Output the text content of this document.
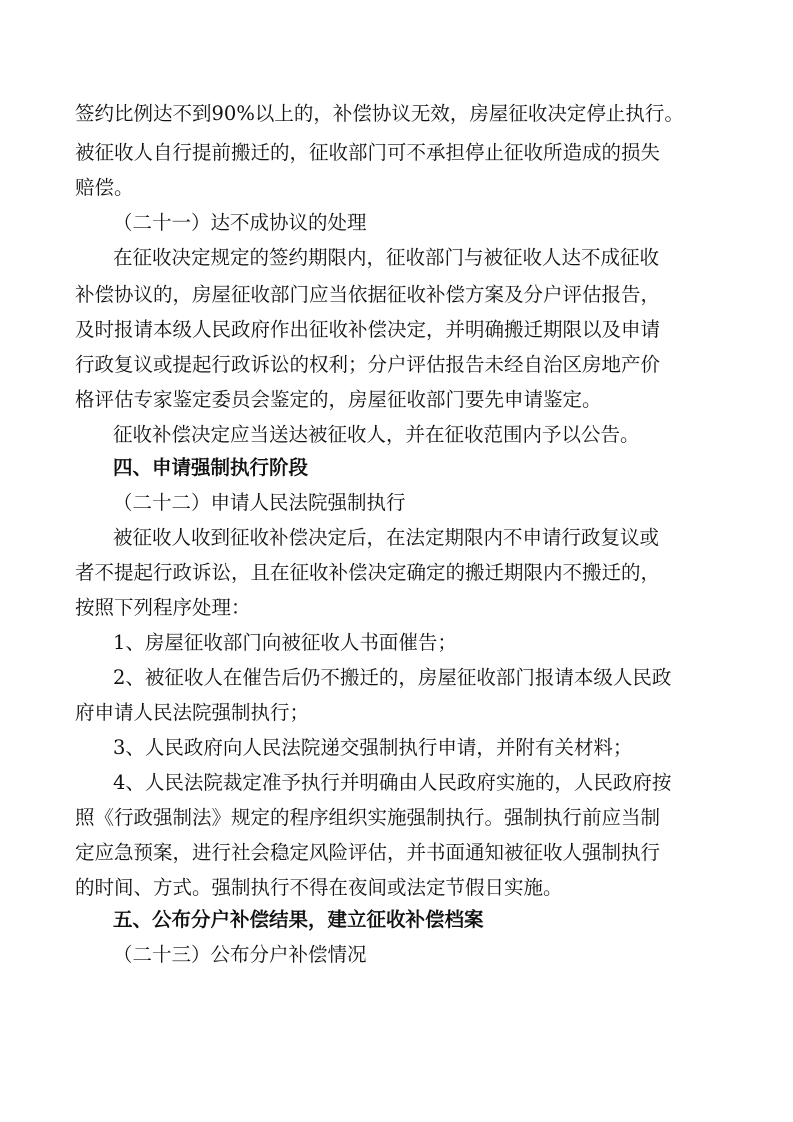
签约比例达不到90%以上的，补偿协议无效，房屋征收决定停止执行。
被征收人自行提前搬迁的，征收部门可不承担停止征收所造成的损失
赔偿。
（二十一）达不成协议的处理
在征收决定规定的签约期限内，征收部门与被征收人达不成征收
补偿协议的，房屋征收部门应当依据征收补偿方案及分户评估报告，
及时报请本级人民政府作出征收补偿决定，并明确搬迁期限以及申请
行政复议或提起行政诉讼的权利；分户评估报告未经自治区房地产价
格评估专家鉴定委员会鉴定的，房屋征收部门要先申请鉴定。
征收补偿决定应当送达被征收人，并在征收范围内予以公告。
四、申请强制执行阶段
（二十二）申请人民法院强制执行
被征收人收到征收补偿决定后，在法定期限内不申请行政复议或
者不提起行政诉讼，且在征收补偿决定确定的搬迁期限内不搬迁的，
按照下列程序处理：
1、房屋征收部门向被征收人书面催告；
2、被征收人在催告后仍不搬迁的，房屋征收部门报请本级人民政
府申请人民法院强制执行；
3、人民政府向人民法院递交强制执行申请，并附有关材料；
4、人民法院裁定准予执行并明确由人民政府实施的，人民政府按
照《行政强制法》规定的程序组织实施强制执行。强制执行前应当制
定应急预案，进行社会稳定风险评估，并书面通知被征收人强制执行
的时间、方式。强制执行不得在夜间或法定节假日实施。
五、公布分户补偿结果，建立征收补偿档案
（二十三）公布分户补偿情况
